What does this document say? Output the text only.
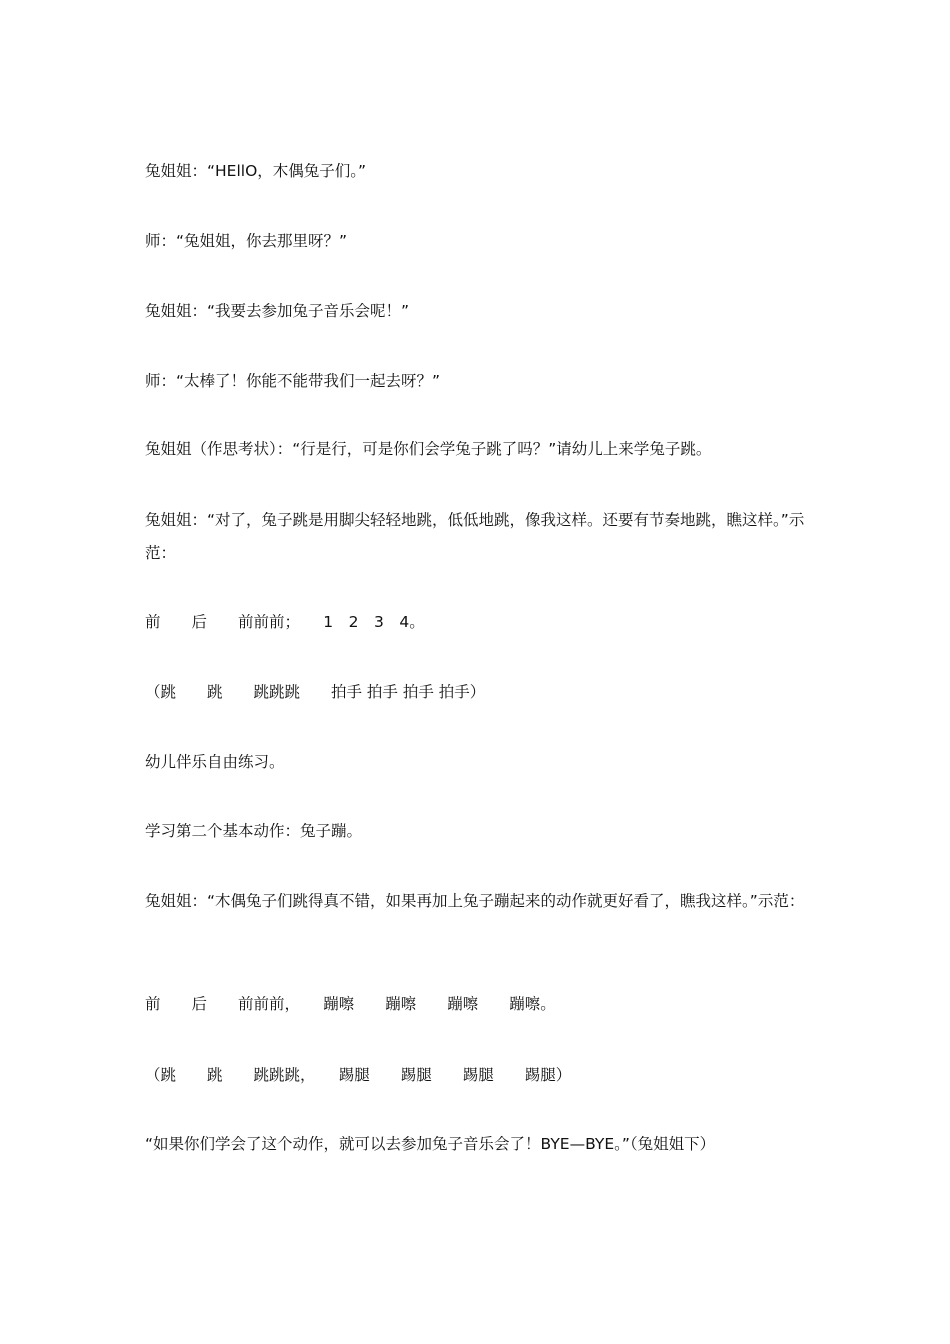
兔姐姐：“HEllO，木偶兔子们。”

师：“兔姐姐，你去那里呀？”

兔姐姐：“我要去参加兔子音乐会呢！”

师：“太棒了！你能不能带我们一起去呀？”

兔姐姐（作思考状）：“行是行，可是你们会学兔子跳了吗？”请幼儿上来学兔子跳。

兔姐姐：“对了，兔子跳是用脚尖轻轻地跳，低低地跳，像我这样。还要有节奏地跳，瞧这样。”示范：

前　　后　　前前前；　　1　2　3　4。

（跳　　跳　　跳跳跳　　拍手 拍手 拍手 拍手）

幼儿伴乐自由练习。

学习第二个基本动作：兔子蹦。

兔姐姐：“木偶兔子们跳得真不错，如果再加上兔子蹦起来的动作就更好看了，瞧我这样。”示范：

前　　后　　前前前，　　蹦嚓　　蹦嚓　　蹦嚓　　蹦嚓。

（跳　　跳　　跳跳跳，　　踢腿　　踢腿　　踢腿　　踢腿）

“如果你们学会了这个动作，就可以去参加兔子音乐会了！BYE—BYE。”（兔姐姐下）
